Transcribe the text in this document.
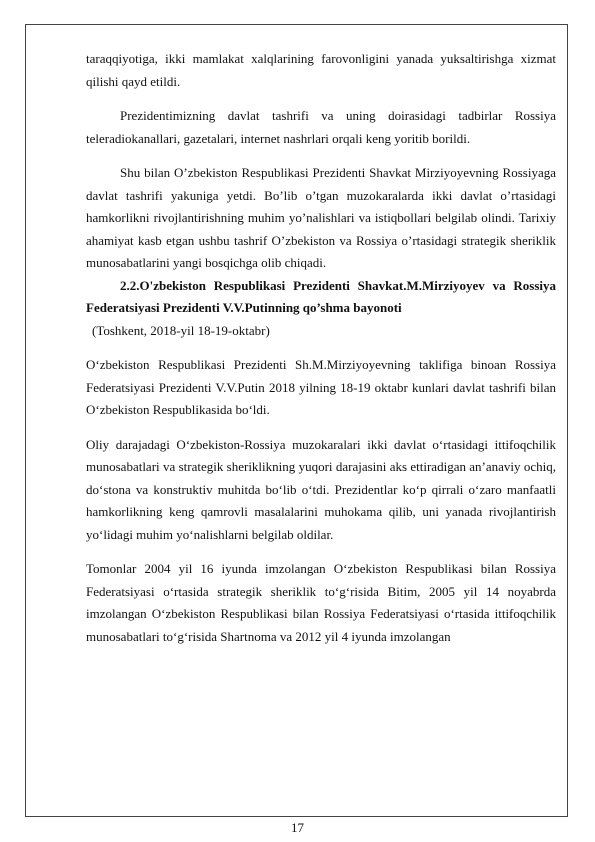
taraqqiyotiga, ikki mamlakat xalqlarining farovonligini yanada yuksaltirishga xizmat qilishi qayd etildi.

Prezidentimizning davlat tashrifi va uning doirasidagi tadbirlar Rossiya teleradiokanallari, gazetalari, internet nashrlari orqali keng yoritib borildi.

Shu bilan O’zbekiston Respublikasi Prezidenti Shavkat Mirziyoyevning Rossiyaga davlat tashrifi yakuniga yetdi. Bo’lib o’tgan muzokaralarda ikki davlat o’rtasidagi hamkorlikni rivojlantirishning muhim yo’nalishlari va istiqbollari belgilab olindi. Tarixiy ahamiyat kasb etgan ushbu tashrif O’zbekiston va Rossiya o’rtasidagi strategik sheriklik munosabatlarini yangi bosqichga olib chiqadi.

2.2.O'zbekiston Respublikasi Prezidenti Shavkat.M.Mirziyoyev va Rossiya Federatsiyasi Prezidenti V.V.Putinning qo’shma bayonoti

(Toshkent, 2018-yil 18-19-oktabr)

O‘zbekiston Respublikasi Prezidenti Sh.M.Mirziyoyevning taklifiga binoan Rossiya Federatsiyasi Prezidenti V.V.Putin 2018 yilning 18-19 oktabr kunlari davlat tashrifi bilan O‘zbekiston Respublikasida bo‘ldi.

Oliy darajadagi O‘zbekiston-Rossiya muzokaralari ikki davlat o‘rtasidagi ittifoqchilik munosabatlari va strategik sheriklikning yuqori darajasini aks ettiradigan an’anaviy ochiq, do‘stona va konstruktiv muhitda bo‘lib o‘tdi. Prezidentlar ko‘p qirrali o‘zaro manfaatli hamkorlikning keng qamrovli masalalarini muhokama qilib, uni yanada rivojlantirish yo‘lidagi muhim yo‘nalishlarni belgilab oldilar.

Tomonlar 2004 yil 16 iyunda imzolangan O‘zbekiston Respublikasi bilan Rossiya Federatsiyasi o‘rtasida strategik sheriklik to‘g‘risida Bitim, 2005 yil 14 noyabrda imzolangan O‘zbekiston Respublikasi bilan Rossiya Federatsiyasi o‘rtasida ittifoqchilik munosabatlari to‘g‘risida Shartnoma va 2012 yil 4 iyunda imzolangan

17
